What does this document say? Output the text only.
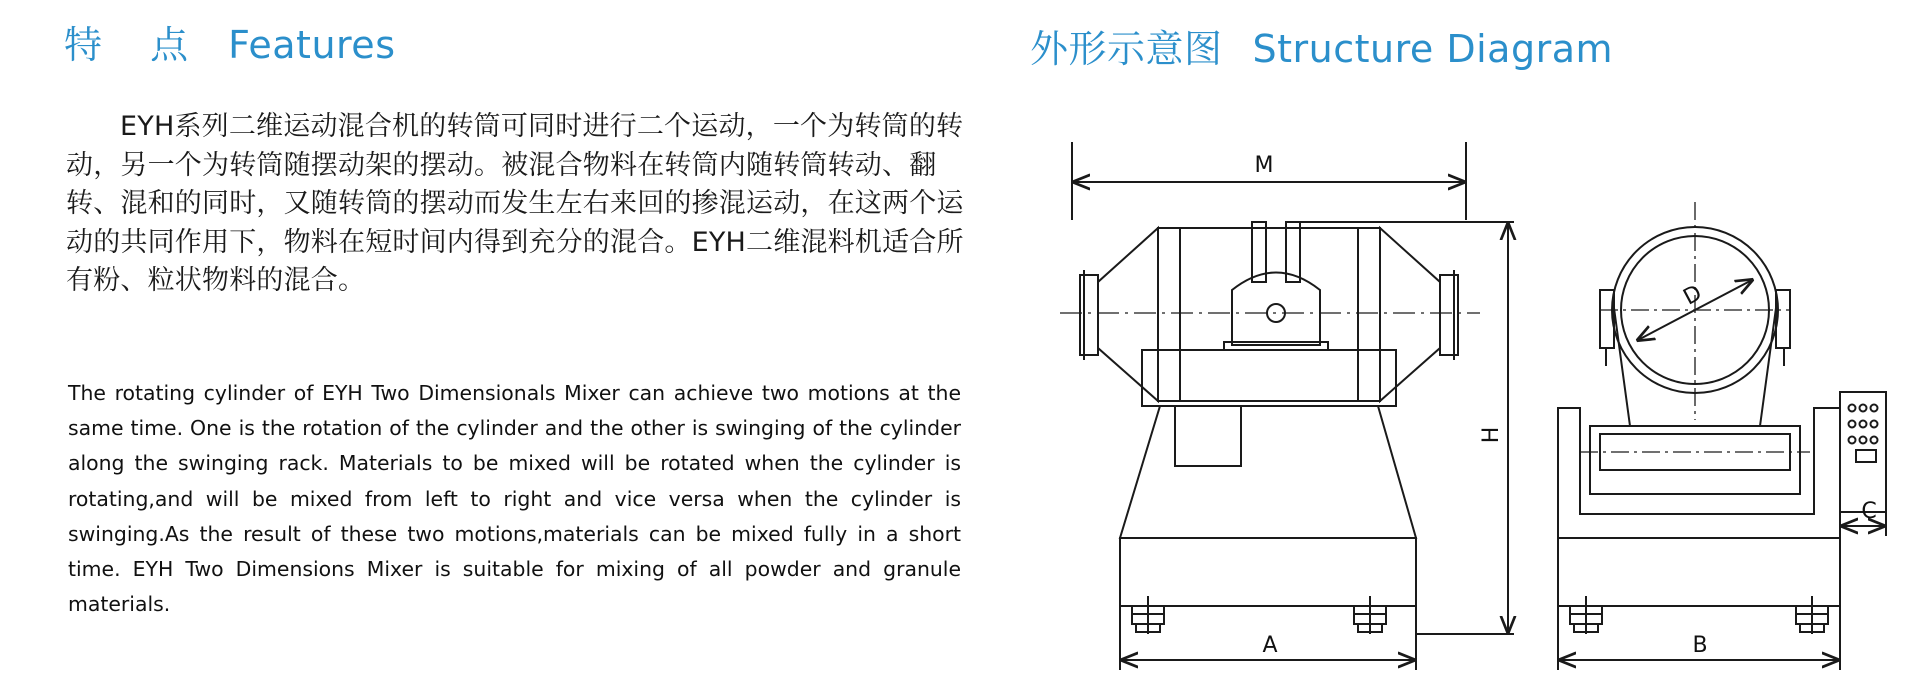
特 点 Features
EYH系列二维运动混合机的转筒可同时进行二个运动，一个为转筒的转动，另一个为转筒随摆动架的摆动。被混合物料在转筒内随转筒转动、翻转、混和的同时，又随转筒的摆动而发生左右来回的掺混运动，在这两个运动的共同作用下，物料在短时间内得到充分的混合。EYH二维混料机适合所有粉、粒状物料的混合。
The rotating cylinder of EYH Two Dimensionals Mixer can achieve two motions at the same time. One is the rotation of the cylinder and the other is swinging of the cylinder along the swinging rack. Materials to be mixed will be rotated when the cylinder is rotating,and will be mixed from left to right and vice versa when the cylinder is swinging.As the result of these two motions,materials can be mixed fully in a short time. EYH Two Dimensions Mixer is suitable for mixing of all powder and granule materials.
外形示意图 Structure Diagram
M
A	B
C
D
H
